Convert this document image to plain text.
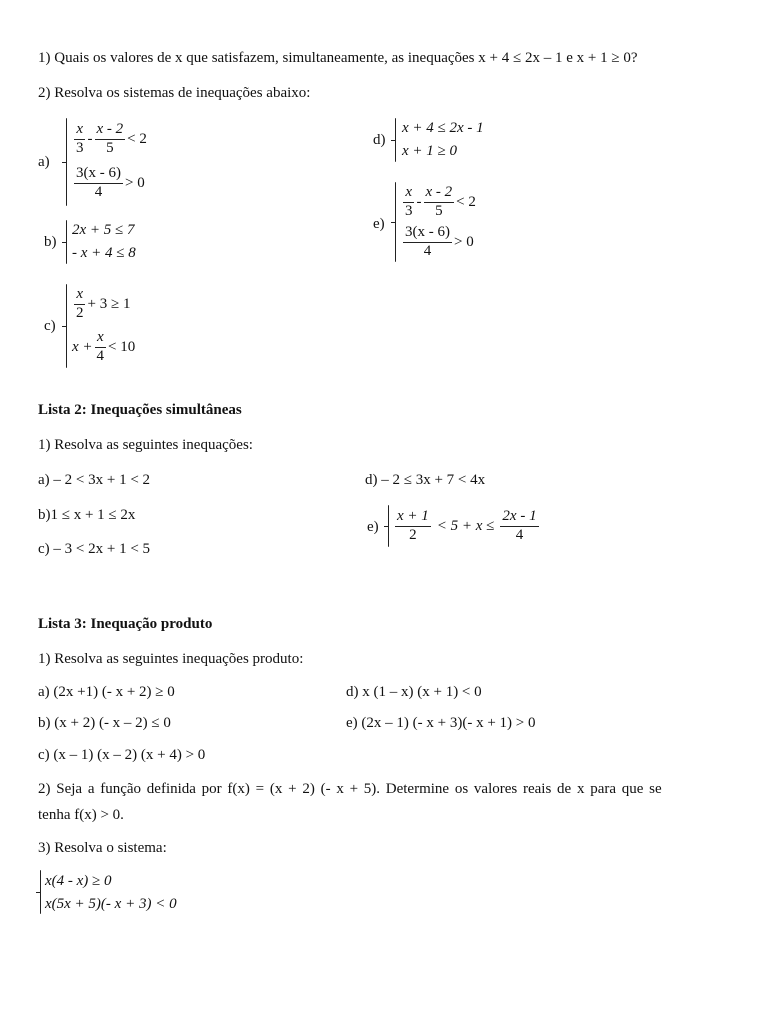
1) Quais os valores de x que satisfazem, simultaneamente, as inequações x + 4 ≤ 2x – 1 e x + 1 ≥ 0?
2) Resolva os sistemas de inequações abaixo:
a)
$\frac{x}{3} - \frac{x - 2}{5} < 2$
$\frac{3(x - 6)}{4} > 0$
d)
x + 4 ≤ 2x - 1
x + 1 ≥ 0
e)
$\frac{x}{3} - \frac{x - 2}{5} < 2$
$\frac{3(x - 6)}{4} > 0$
b)
2x + 5 ≤ 7
- x + 4 ≤ 8
c)
$\frac{x}{2} + 3 \ge 1$
$x + \frac{x}{4} < 10$
Lista 2: Inequações simultâneas
1) Resolva as seguintes inequações:
a) – 2 < 3x + 1 < 2
b)1 ≤ x + 1 ≤ 2x
c) – 3 < 2x + 1 < 5
d) – 2 ≤ 3x + 7 < 4x
$e) \frac{x + 1}{2} < 5 + x \le \frac{2x - 1}{4}$
Lista 3: Inequação produto
1) Resolva as seguintes inequações produto:
a) (2x +1) (- x + 2) ≥ 0
b) (x + 2) (- x – 2) ≤ 0
c) (x – 1) (x – 2) (x + 4) > 0
d) x (1 – x) (x + 1) < 0
e) (2x – 1) (- x + 3)(- x + 1) > 0
2) Seja a função definida por f(x) = (x + 2) (- x + 5). Determine os valores reais de x para que se
tenha f(x) > 0.
3) Resolva o sistema:
x(4 - x) ≥ 0
x(5x + 5)(- x + 3) < 0
